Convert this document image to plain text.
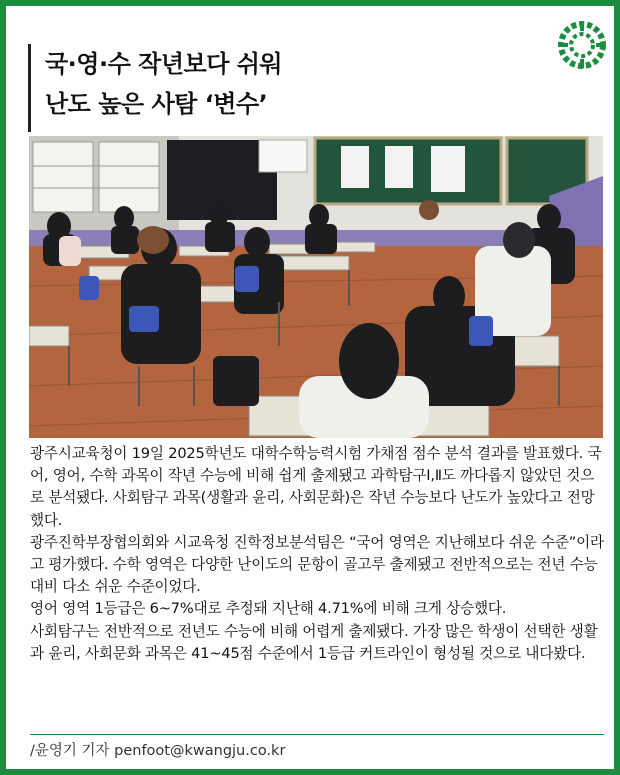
국·영·수 작년보다 쉬워
난도 높은 사탐 ‘변수’

광주시교육청이 19일 2025학년도 대학수학능력시험 가채점 점수 분석 결과를 발표했다. 국어, 영어, 수학 과목이 작년 수능에 비해 쉽게 출제됐고 과학탐구Ⅰ,Ⅱ도 까다롭지 않았던 것으로 분석됐다. 사회탐구 과목(생활과 윤리, 사회문화)은 작년 수능보다 난도가 높았다고 전망했다.

광주진학부장협의회와 시교육청 진학정보분석팀은 “국어 영역은 지난해보다 쉬운 수준”이라고 평가했다. 수학 영역은 다양한 난이도의 문항이 골고루 출제됐고 전반적으로는 전년 수능 대비 다소 쉬운 수준이었다.

영어 영역 1등급은 6~7%대로 추정돼 지난해 4.71%에 비해 크게 상승했다.

사회탐구는 전반적으로 전년도 수능에 비해 어렵게 출제됐다. 가장 많은 학생이 선택한 생활과 윤리, 사회문화 과목은 41~45점 수준에서 1등급 커트라인이 형성될 것으로 내다봤다.

/윤영기 기자 penfoot@kwangju.co.kr
